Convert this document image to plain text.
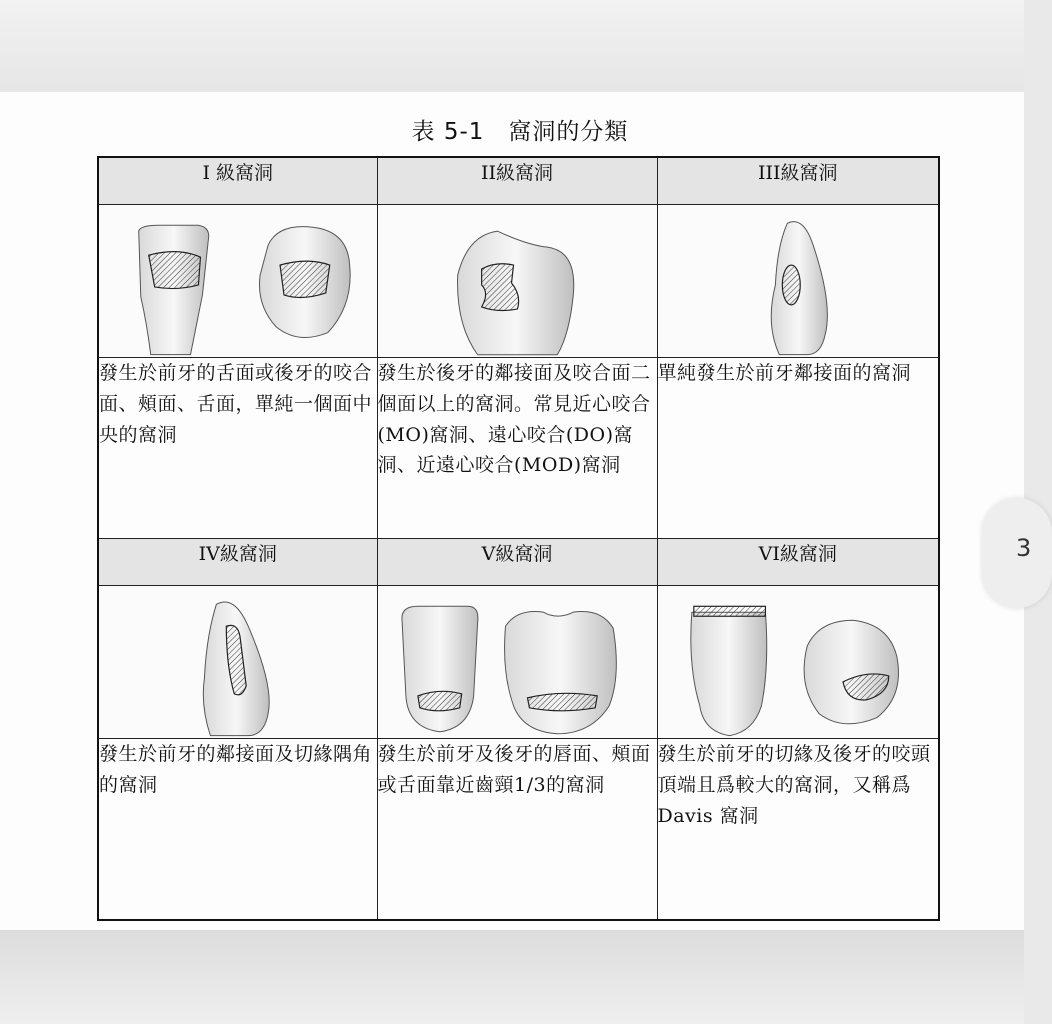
表 5-1　窩洞的分類
I 級窩洞	II級窩洞	III級窩洞

發生於前牙的舌面或後牙的咬合面、頰面、舌面，單純一個面中央的窩洞	發生於後牙的鄰接面及咬合面二個面以上的窩洞。常見近心咬合(MO)窩洞、遠心咬合(DO)窩洞、近遠心咬合(MOD)窩洞	單純發生於前牙鄰接面的窩洞
IV級窩洞	V級窩洞	VI級窩洞

發生於前牙的鄰接面及切緣隅角的窩洞	發生於前牙及後牙的唇面、頰面或舌面靠近齒頸1/3的窩洞	發生於前牙的切緣及後牙的咬頭頂端且爲較大的窩洞，又稱爲 Davis 窩洞
3
